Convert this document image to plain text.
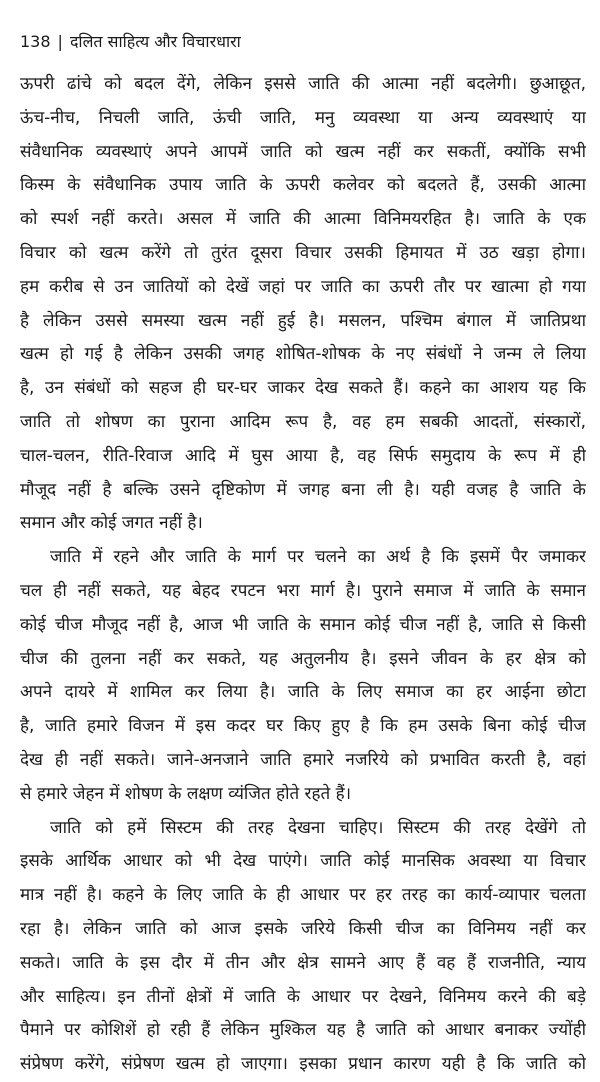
138 | दलित साहित्य और विचारधारा
ऊपरी ढांचे को बदल देंगे, लेकिन इससे जाति की आत्मा नहीं बदलेगी। छुआछूत,
ऊंच-नीच, निचली जाति, ऊंची जाति, मनु व्यवस्था या अन्य व्यवस्थाएं या
संवैधानिक व्यवस्थाएं अपने आपमें जाति को खत्म नहीं कर सकतीं, क्योंकि सभी
किस्म के संवैधानिक उपाय जाति के ऊपरी कलेवर को बदलते हैं, उसकी आत्मा
को स्पर्श नहीं करते। असल में जाति की आत्मा विनिमयरहित है। जाति के एक
विचार को खत्म करेंगे तो तुरंत दूसरा विचार उसकी हिमायत में उठ खड़ा होगा।
हम करीब से उन जातियों को देखें जहां पर जाति का ऊपरी तौर पर खात्मा हो गया
है लेकिन उससे समस्या खत्म नहीं हुई है। मसलन, पश्चिम बंगाल में जातिप्रथा
खत्म हो गई है लेकिन उसकी जगह शोषित-शोषक के नए संबंधों ने जन्म ले लिया
है, उन संबंधों को सहज ही घर-घर जाकर देख सकते हैं। कहने का आशय यह कि
जाति तो शोषण का पुराना आदिम रूप है, वह हम सबकी आदतों, संस्कारों,
चाल-चलन, रीति-रिवाज आदि में घुस आया है, वह सिर्फ समुदाय के रूप में ही
मौजूद नहीं है बल्कि उसने दृष्टिकोण में जगह बना ली है। यही वजह है जाति के
समान और कोई जगत नहीं है।
जाति में रहने और जाति के मार्ग पर चलने का अर्थ है कि इसमें पैर जमाकर
चल ही नहीं सकते, यह बेहद रपटन भरा मार्ग है। पुराने समाज में जाति के समान
कोई चीज मौजूद नहीं है, आज भी जाति के समान कोई चीज नहीं है, जाति से किसी
चीज की तुलना नहीं कर सकते, यह अतुलनीय है। इसने जीवन के हर क्षेत्र को
अपने दायरे में शामिल कर लिया है। जाति के लिए समाज का हर आईना छोटा
है, जाति हमारे विजन में इस कदर घर किए हुए है कि हम उसके बिना कोई चीज
देख ही नहीं सकते। जाने-अनजाने जाति हमारे नजरिये को प्रभावित करती है, वहां
से हमारे जेहन में शोषण के लक्षण व्यंजित होते रहते हैं।
जाति को हमें सिस्टम की तरह देखना चाहिए। सिस्टम की तरह देखेंगे तो
इसके आर्थिक आधार को भी देख पाएंगे। जाति कोई मानसिक अवस्था या विचार
मात्र नहीं है। कहने के लिए जाति के ही आधार पर हर तरह का कार्य-व्यापार चलता
रहा है। लेकिन जाति को आज इसके जरिये किसी चीज का विनिमय नहीं कर
सकते। जाति के इस दौर में तीन और क्षेत्र सामने आए हैं वह हैं राजनीति, न्याय
और साहित्य। इन तीनों क्षेत्रों में जाति के आधार पर देखने, विनिमय करने की बड़े
पैमाने पर कोशिशें हो रही हैं लेकिन मुश्किल यह है जाति को आधार बनाकर ज्योंही
संप्रेषण करेंगे, संप्रेषण खत्म हो जाएगा। इसका प्रधान कारण यही है कि जाति को
